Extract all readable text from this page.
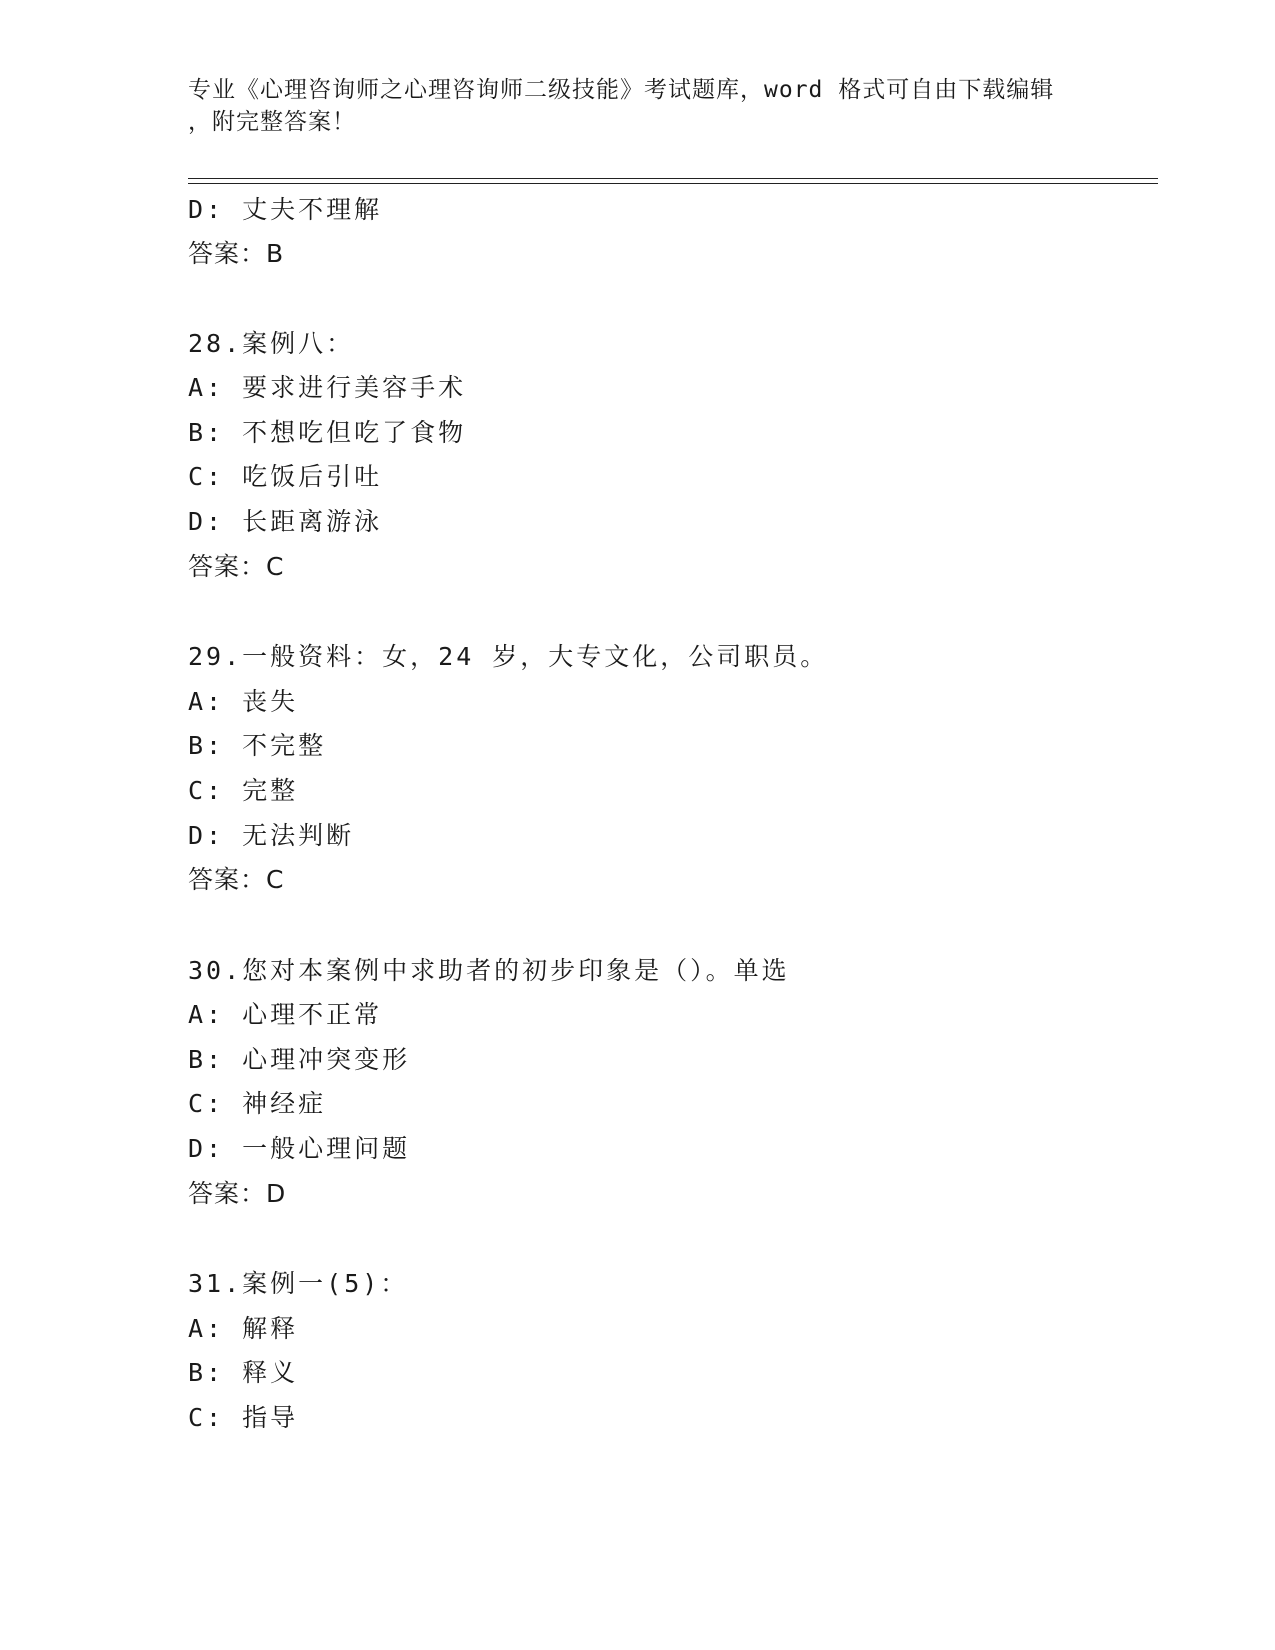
专业《心理咨询师之心理咨询师二级技能》考试题库，word 格式可自由下载编辑
，附完整答案！
D: 丈夫不理解
答案：B
28.案例八：
A: 要求进行美容手术
B: 不想吃但吃了食物
C: 吃饭后引吐
D: 长距离游泳
答案：C
29.一般资料：女，24 岁，大专文化，公司职员。
A: 丧失
B: 不完整
C: 完整
D: 无法判断
答案：C
30.您对本案例中求助者的初步印象是（）。单选
A: 心理不正常
B: 心理冲突变形
C: 神经症
D: 一般心理问题
答案：D
31.案例一(5)：
A: 解释
B: 释义
C: 指导
